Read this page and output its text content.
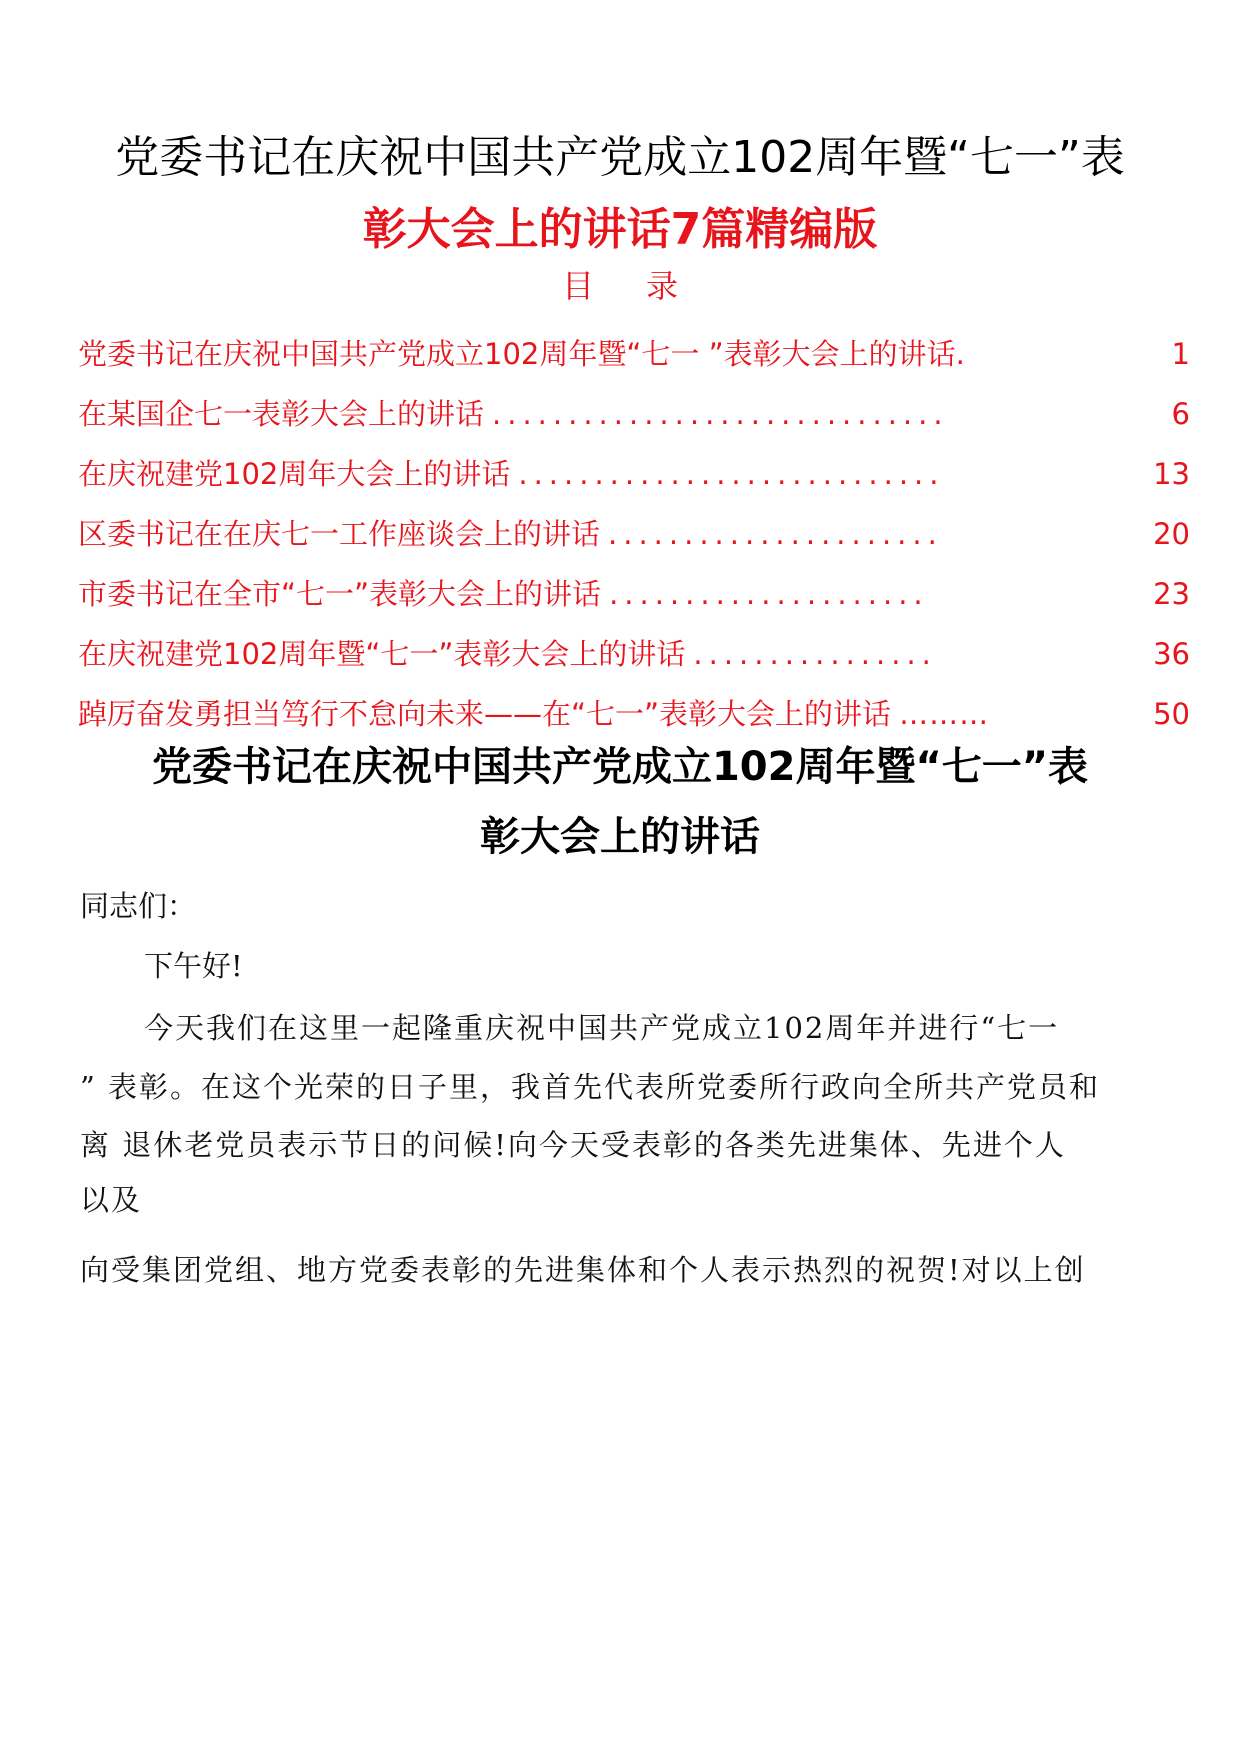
党委书记在庆祝中国共产党成立102周年暨“七一”表
彰大会上的讲话7篇精编版
目录
党委书记在庆祝中国共产党成立102周年暨“七一 ”表彰大会上的讲话 .	1
在某国企七一表彰大会上的讲话 ..............................	6
在庆祝建党102周年大会上的讲话 ............................	13
区委书记在在庆七一工作座谈会上的讲话 ......................	20
市委书记在全市“七一”表彰大会上的讲话 .....................	23
在庆祝建党102周年暨“七一”表彰大会上的讲话 ................	36
踔厉奋发勇担当笃行不怠向未来——在“七一”表彰大会上的讲话 ………	50
党委书记在庆祝中国共产党成立102周年暨“七一”表
彰大会上的讲话
同志们：
下午好!
今天我们在这里一起隆重庆祝中国共产党成立102周年并进行“七一
” 表彰。在这个光荣的日子里，我首先代表所党委所行政向全所共产党员和
离 退休老党员表示节日的问候!向今天受表彰的各类先进集体、先进个人
以及
向受集团党组、地方党委表彰的先进集体和个人表示热烈的祝贺!对以上创
